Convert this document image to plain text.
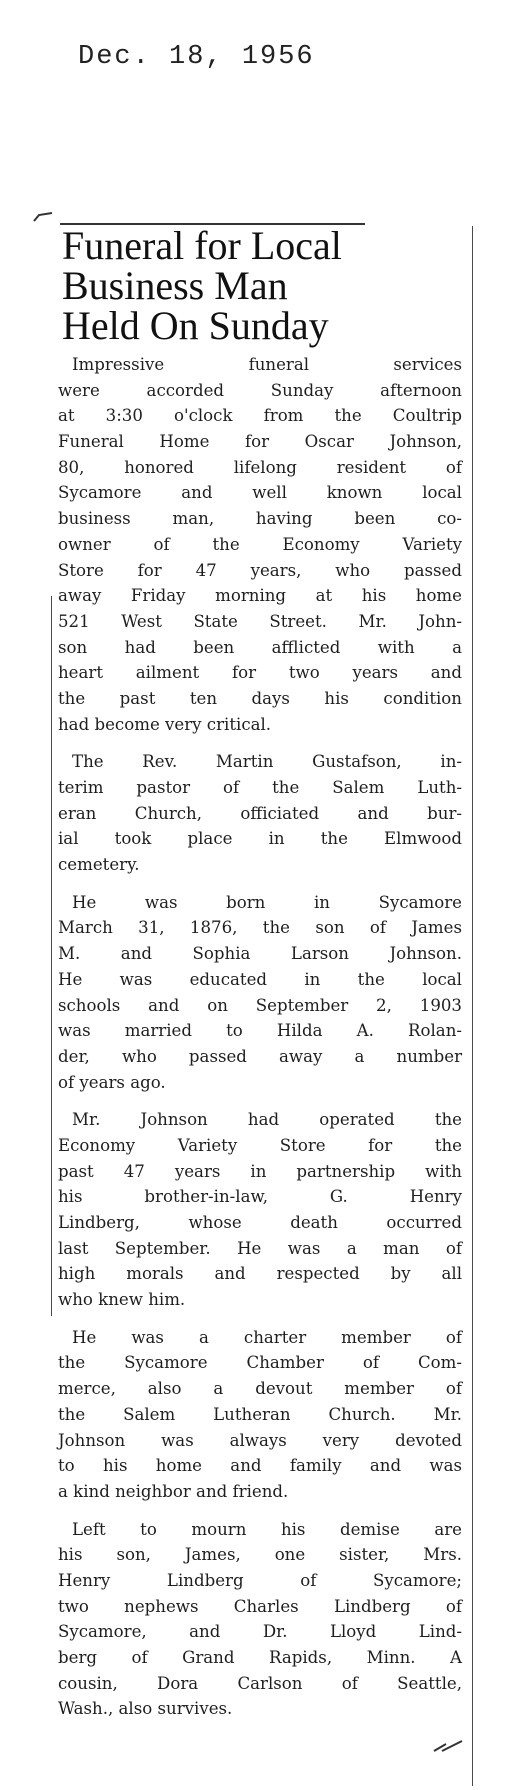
Dec. 18, 1956
Funeral for Local
Business Man
Held On Sunday
Impressive funeral services
were accorded Sunday afternoon
at 3:30 o'clock from the Coultrip
Funeral Home for Oscar Johnson,
80, honored lifelong resident of
Sycamore and well known local
business man, having been co-
owner of the Economy Variety
Store for 47 years, who passed
away Friday morning at his home
521 West State Street. Mr. John-
son had been afflicted with a
heart ailment for two years and
the past ten days his condition
had become very critical.
The Rev. Martin Gustafson, in-
terim pastor of the Salem Luth-
eran Church, officiated and bur-
ial took place in the Elmwood
cemetery.
He was born in Sycamore
March 31, 1876, the son of James
M. and Sophia Larson Johnson.
He was educated in the local
schools and on September 2, 1903
was married to Hilda A. Rolan-
der, who passed away a number
of years ago.
Mr. Johnson had operated the
Economy Variety Store for the
past 47 years in partnership with
his brother-in-law, G. Henry
Lindberg, whose death occurred
last September. He was a man of
high morals and respected by all
who knew him.
He was a charter member of
the Sycamore Chamber of Com-
merce, also a devout member of
the Salem Lutheran Church. Mr.
Johnson was always very devoted
to his home and family and was
a kind neighbor and friend.
Left to mourn his demise are
his son, James, one sister, Mrs.
Henry Lindberg of Sycamore;
two nephews Charles Lindberg of
Sycamore, and Dr. Lloyd Lind-
berg of Grand Rapids, Minn. A
cousin, Dora Carlson of Seattle,
Wash., also survives.
